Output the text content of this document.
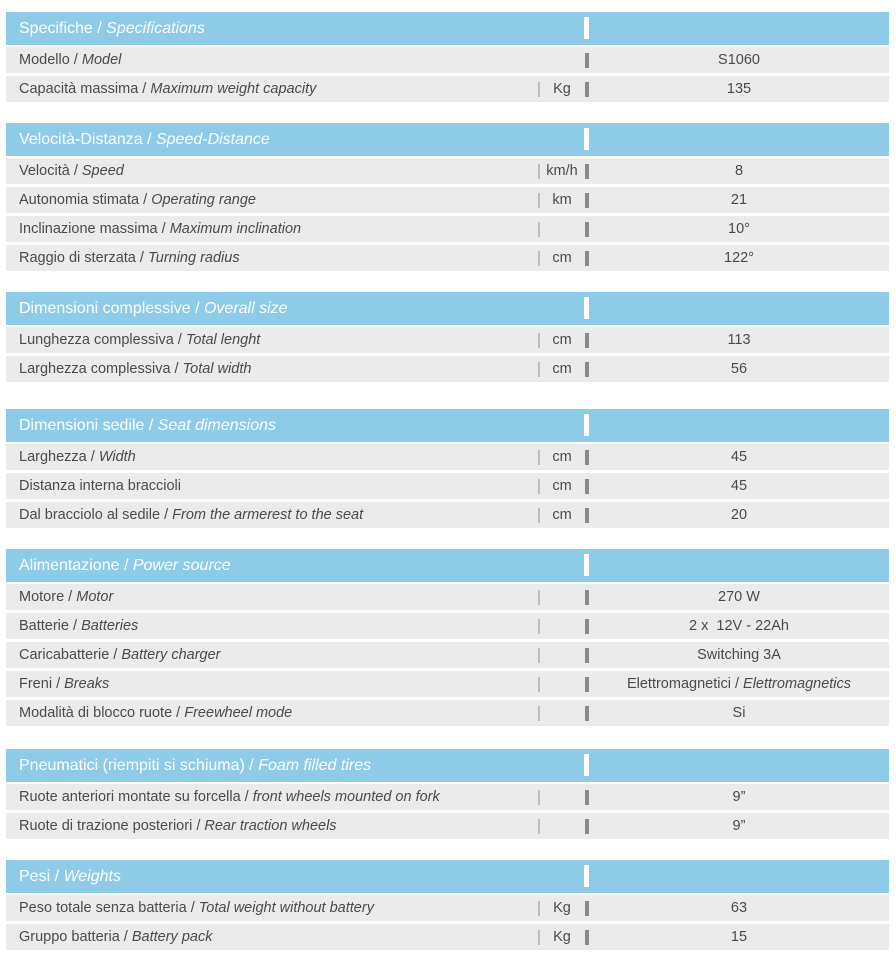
Specifiche / Specifications
Modello / Model	S1060
Capacità massima / Maximum weight capacity	Kg	135
Velocità-Distanza / Speed-Distance
Velocità / Speed	km/h	8
Autonomia stimata / Operating range	km	21
Inclinazione massima / Maximum inclination	10°
Raggio di sterzata / Turning radius	cm	122°
Dimensioni complessive / Overall size
Lunghezza complessiva / Total lenght	cm	113
Larghezza complessiva / Total width	cm	56
Dimensioni sedile / Seat dimensions
Larghezza / Width	cm	45
Distanza interna braccioli	cm	45
Dal bracciolo al sedile / From the armerest to the seat	cm	20
Alimentazione / Power source
Motore / Motor	270 W
Batterie / Batteries	2 x  12V - 22Ah
Caricabatterie / Battery charger	Switching 3A
Freni / Breaks	Elettromagnetici / Elettromagnetics
Modalità di blocco ruote / Freewheel mode	Si
Pneumatici (riempiti si schiuma) / Foam filled tires
Ruote anteriori montate su forcella / front wheels mounted on fork	9”
Ruote di trazione posteriori / Rear traction wheels	9”
Pesi / Weights
Peso totale senza batteria / Total weight without battery	Kg	63
Gruppo batteria / Battery pack	Kg	15
